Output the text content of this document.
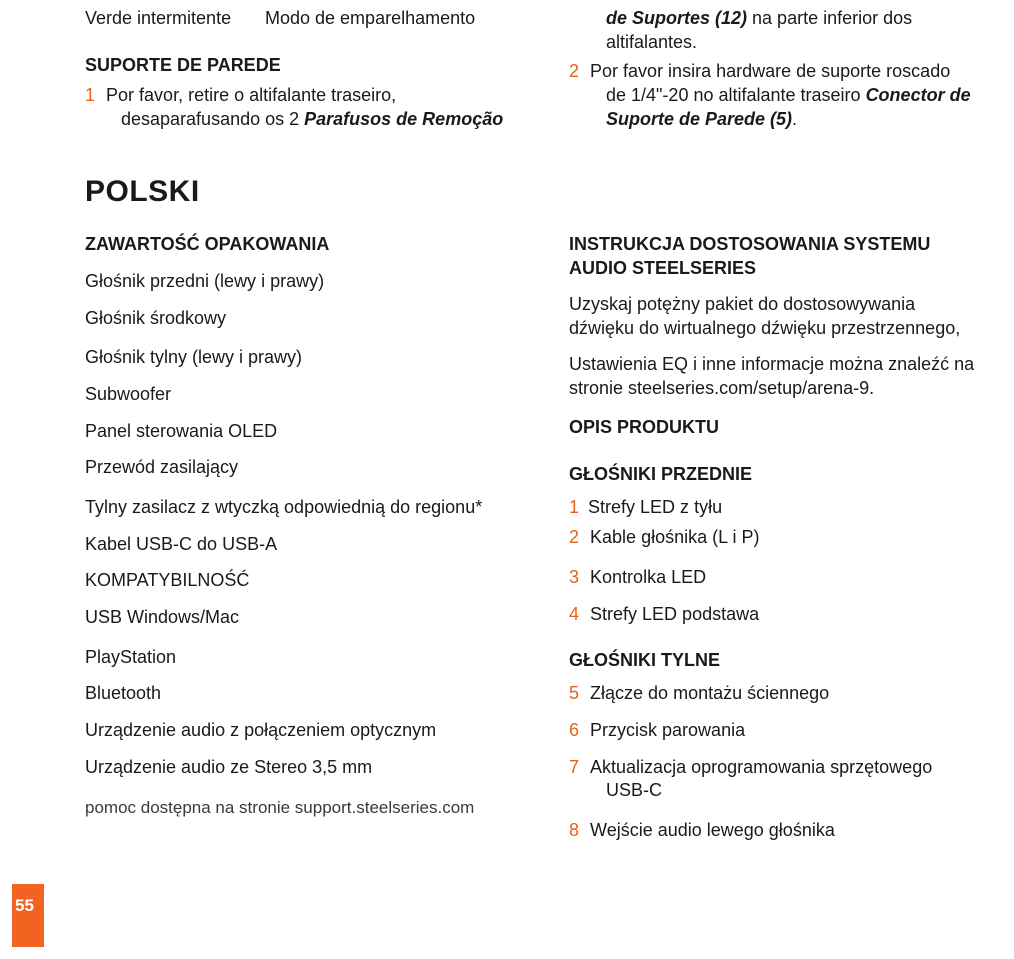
Verde intermitente Modo de emparelhamento
SUPORTE DE PAREDE
1 Por favor, retire o altifalante traseiro,
desaparafusando os 2 Parafusos de Remoção
de Suportes (12) na parte inferior dos
altifalantes.
2 Por favor insira hardware de suporte roscado
de 1/4"-20 no altifalante traseiro Conector de
Suporte de Parede (5).
POLSKI
ZAWARTOŚĆ OPAKOWANIA
Głośnik przedni (lewy i prawy)
Głośnik środkowy
Głośnik tylny (lewy i prawy)
Subwoofer
Panel sterowania OLED
Przewód zasilający
Tylny zasilacz z wtyczką odpowiednią do regionu*
Kabel USB-C do USB-A
KOMPATYBILNOŚĆ
USB Windows/Mac
PlayStation
Bluetooth
Urządzenie audio z połączeniem optycznym
Urządzenie audio ze Stereo 3,5 mm
pomoc dostępna na stronie support.steelseries.com
INSTRUKCJA DOSTOSOWANIA SYSTEMU
AUDIO STEELSERIES
Uzyskaj potężny pakiet do dostosowywania
dźwięku do wirtualnego dźwięku przestrzennego,
Ustawienia EQ i inne informacje można znaleźć na
stronie steelseries.com/setup/arena-9.
OPIS PRODUKTU
GŁOŚNIKI PRZEDNIE
1 Strefy LED z tyłu
2 Kable głośnika (L i P)
3 Kontrolka LED
4 Strefy LED podstawa
GŁOŚNIKI TYLNE
5 Złącze do montażu ściennego
6 Przycisk parowania
7 Aktualizacja oprogramowania sprzętowego
USB-C
8 Wejście audio lewego głośnika
55
